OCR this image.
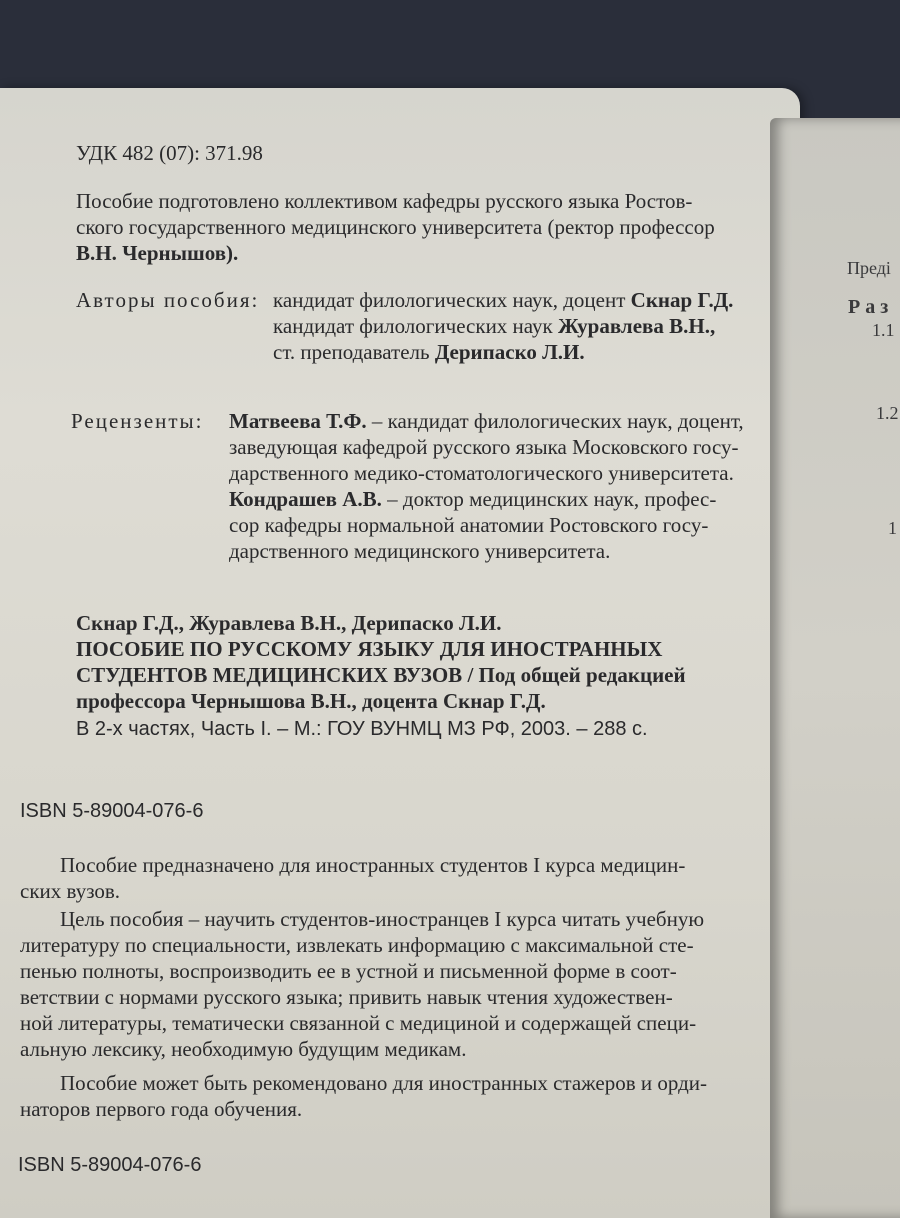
Преді
Р а з
1.1
1.2
1
УДК 482 (07): 371.98
Пособие подготовлено коллективом кафедры русского языка Ростов-
ского государственного медицинского университета (ректор профессор
В.Н. Чернышов).
Авторы пособия: кандидат филологических наук, доцент Скнар Г.Д.
кандидат филологических наук Журавлева В.Н.,
ст. преподаватель Дерипаско Л.И.
Рецензенты: Матвеева Т.Ф. – кандидат филологических наук, доцент,
заведующая кафедрой русского языка Московского госу-
дарственного медико-стоматологического университета.
Кондрашев А.В. – доктор медицинских наук, профес-
сор кафедры нормальной анатомии Ростовского госу-
дарственного медицинского университета.
Скнар Г.Д., Журавлева В.Н., Дерипаско Л.И.
ПОСОБИЕ ПО РУССКОМУ ЯЗЫКУ ДЛЯ ИНОСТРАННЫХ
СТУДЕНТОВ МЕДИЦИНСКИХ ВУЗОВ / Под общей редакцией
профессора Чернышова В.Н., доцента Скнар Г.Д.
В 2-х частях, Часть I. – М.: ГОУ ВУНМЦ МЗ РФ, 2003. – 288 с.
ISBN 5-89004-076-6
Пособие предназначено для иностранных студентов I курса медицин-
ских вузов.
Цель пособия – научить студентов-иностранцев I курса читать учебную
литературу по специальности, извлекать информацию с максимальной сте-
пенью полноты, воспроизводить ее в устной и письменной форме в соот-
ветствии с нормами русского языка; привить навык чтения художествен-
ной литературы, тематически связанной с медициной и содержащей специ-
альную лексику, необходимую будущим медикам.
Пособие может быть рекомендовано для иностранных стажеров и орди-
наторов первого года обучения.
ISBN 5-89004-076-6
